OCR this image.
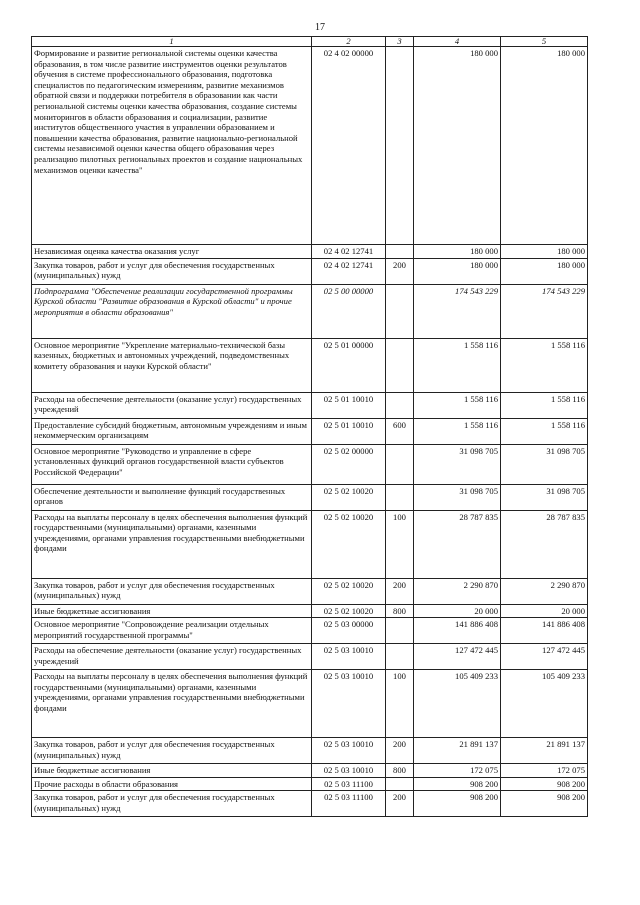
17
1	2	3	4	5
Формирование и развитие региональной системы оценки качества образования, в том числе развитие инструментов оценки результатов обучения в системе профессионального образования, подготовка специалистов по педагогическим измерениям, развитие механизмов обратной связи и поддержки потребителя в образовании как части региональной системы оценки качества образования, создание системы мониторингов в области образования и социализации, развитие институтов общественного участия в управлении образованием и повышении качества образования, развитие национально-региональной системы независимой оценки качества общего образования через реализацию пилотных региональных проектов и создание национальных механизмов оценки качества"	02 4 02 00000		180 000	180 000
Независимая оценка качества оказания услуг	02 4 02 12741		180 000	180 000
Закупка товаров, работ и услуг для обеспечения государственных (муниципальных) нужд	02 4 02 12741	200	180 000	180 000
Подпрограмма "Обеспечение реализации государственной программы Курской области "Развитие образования в Курской области" и прочие мероприятия в области образования"	02 5 00 00000		174 543 229	174 543 229
Основное мероприятие "Укрепление материально-технической базы казенных, бюджетных и автономных учреждений, подведомственных комитету образования и науки Курской области"	02 5 01 00000		1 558 116	1 558 116
Расходы на обеспечение деятельности (оказание услуг) государственных учреждений	02 5 01 10010		1 558 116	1 558 116
Предоставление субсидий бюджетным, автономным учреждениям и иным некоммерческим организациям	02 5 01 10010	600	1 558 116	1 558 116
Основное мероприятие "Руководство и управление в сфере установленных функций органов государственной власти субъектов Российской Федерации"	02 5 02 00000		31 098 705	31 098 705
Обеспечение деятельности и выполнение функций государственных органов	02 5 02 10020		31 098 705	31 098 705
Расходы на выплаты персоналу в целях обеспечения выполнения функций государственными (муниципальными) органами, казенными учреждениями, органами управления государственными внебюджетными фондами	02 5 02 10020	100	28 787 835	28 787 835
Закупка товаров, работ и услуг для обеспечения государственных (муниципальных) нужд	02 5 02 10020	200	2 290 870	2 290 870
Иные бюджетные ассигнования	02 5 02 10020	800	20 000	20 000
Основное мероприятие "Сопровождение реализации отдельных мероприятий государственной программы"	02 5 03 00000		141 886 408	141 886 408
Расходы на обеспечение деятельности (оказание услуг) государственных учреждений	02 5 03 10010		127 472 445	127 472 445
Расходы на выплаты персоналу в целях обеспечения выполнения функций государственными (муниципальными) органами, казенными учреждениями, органами управления государственными внебюджетными фондами	02 5 03 10010	100	105 409 233	105 409 233
Закупка товаров, работ и услуг для обеспечения государственных (муниципальных) нужд	02 5 03 10010	200	21 891 137	21 891 137
Иные бюджетные ассигнования	02 5 03 10010	800	172 075	172 075
Прочие расходы в области образования	02 5 03 11100		908 200	908 200
Закупка товаров, работ и услуг для обеспечения государственных (муниципальных) нужд	02 5 03 11100	200	908 200	908 200
